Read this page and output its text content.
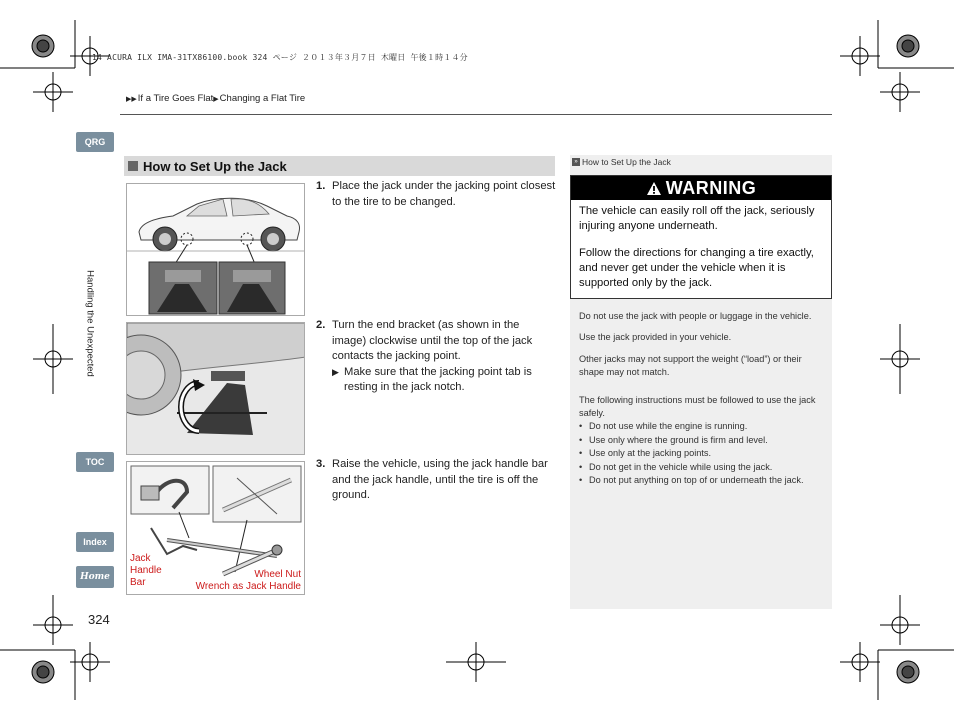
14 ACURA ILX IMA-31TX86100.book 324 ページ ２０１３年３月７日 木曜日 午後１時１４分
▶▶ If a Tire Goes Flat ▶ Changing a Flat Tire
QRG
Handling the Unexpected
TOC
Index
Home
324
How to Set Up the Jack
Jack
Handle
Bar
Wheel Nut
Wrench as Jack Handle
1. Place the jack under the jacking point closest to the tire to be changed.
2. Turn the end bracket (as shown in the image) clockwise until the top of the jack contacts the jacking point.
▶ Make sure that the jacking point tab is resting in the jack notch.
3. Raise the vehicle, using the jack handle bar and the jack handle, until the tire is off the ground.
» How to Set Up the Jack
WARNING

The vehicle can easily roll off the jack, seriously injuring anyone underneath.

Follow the directions for changing a tire exactly, and never get under the vehicle when it is supported only by the jack.

Do not use the jack with people or luggage in the vehicle.

Use the jack provided in your vehicle.

Other jacks may not support the weight (“load”) or their shape may not match.

The following instructions must be followed to use the jack safely.

• Do not use while the engine is running.
• Use only where the ground is firm and level.
• Use only at the jacking points.
• Do not get in the vehicle while using the jack.
• Do not put anything on top of or underneath the jack.
